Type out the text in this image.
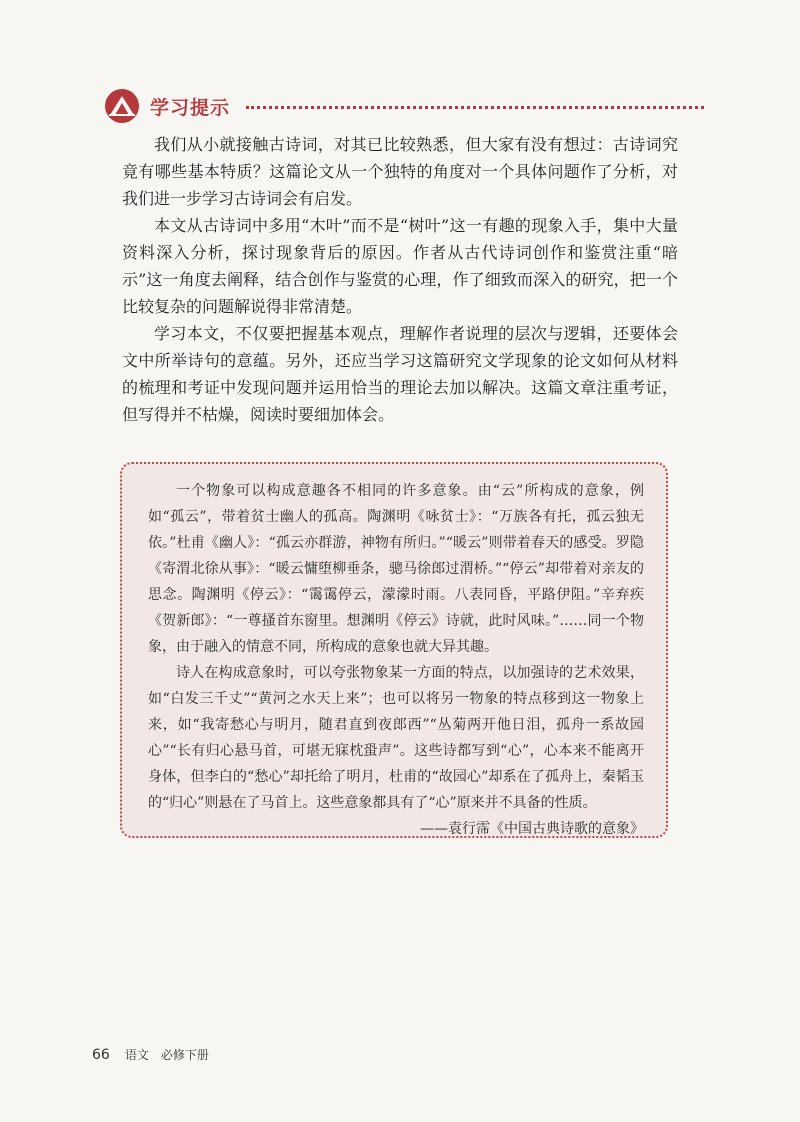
学习提示

我们从小就接触古诗词，对其已比较熟悉，但大家有没有想过：古诗词究竟有哪些基本特质？这篇论文从一个独特的角度对一个具体问题作了分析，对我们进一步学习古诗词会有启发。

本文从古诗词中多用“木叶”而不是“树叶”这一有趣的现象入手，集中大量资料深入分析，探讨现象背后的原因。作者从古代诗词创作和鉴赏注重“暗示”这一角度去阐释，结合创作与鉴赏的心理，作了细致而深入的研究，把一个比较复杂的问题解说得非常清楚。

学习本文，不仅要把握基本观点，理解作者说理的层次与逻辑，还要体会文中所举诗句的意蕴。另外，还应当学习这篇研究文学现象的论文如何从材料的梳理和考证中发现问题并运用恰当的理论去加以解决。这篇文章注重考证，但写得并不枯燥，阅读时要细加体会。

一个物象可以构成意趣各不相同的许多意象。由“云”所构成的意象，例如“孤云”，带着贫士幽人的孤高。陶渊明《咏贫士》：“万族各有托，孤云独无依。”杜甫《幽人》：“孤云亦群游，神物有所归。”“暖云”则带着春天的感受。罗隐《寄渭北徐从事》：“暖云慵堕柳垂条，骢马徐郎过渭桥。”“停云”却带着对亲友的思念。陶渊明《停云》：“霭霭停云，濛濛时雨。八表同昏，平路伊阻。”辛弃疾《贺新郎》：“一尊搔首东窗里。想渊明《停云》诗就，此时风味。”……同一个物象，由于融入的情意不同，所构成的意象也就大异其趣。

诗人在构成意象时，可以夸张物象某一方面的特点，以加强诗的艺术效果，如“白发三千丈”“黄河之水天上来”；也可以将另一物象的特点移到这一物象上来，如“我寄愁心与明月，随君直到夜郎西”“丛菊两开他日泪，孤舟一系故园心”“长有归心悬马首，可堪无寐枕蛩声”。这些诗都写到“心”，心本来不能离开身体，但李白的“愁心”却托给了明月，杜甫的“故园心”却系在了孤舟上，秦韬玉的“归心”则悬在了马首上。这些意象都具有了“心”原来并不具备的性质。

——袁行霈《中国古典诗歌的意象》

66 语文　必修下册
